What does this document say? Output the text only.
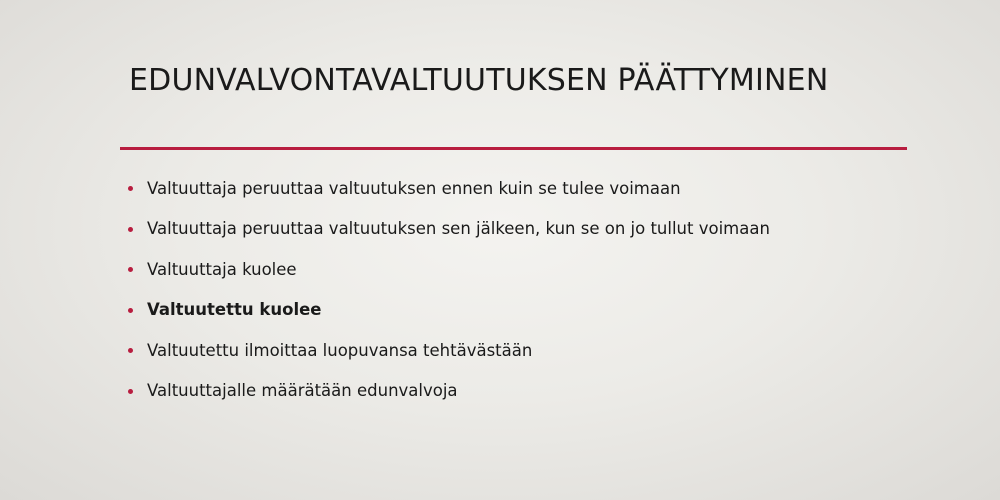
EDUNVALVONTAVALTUUTUKSEN PÄÄTTYMINEN
Valtuuttaja peruuttaa valtuutuksen ennen kuin se tulee voimaan
Valtuuttaja peruuttaa valtuutuksen sen jälkeen, kun se on jo tullut voimaan
Valtuuttaja kuolee
Valtuutettu kuolee
Valtuutettu ilmoittaa luopuvansa tehtävästään
Valtuuttajalle määrätään edunvalvoja
